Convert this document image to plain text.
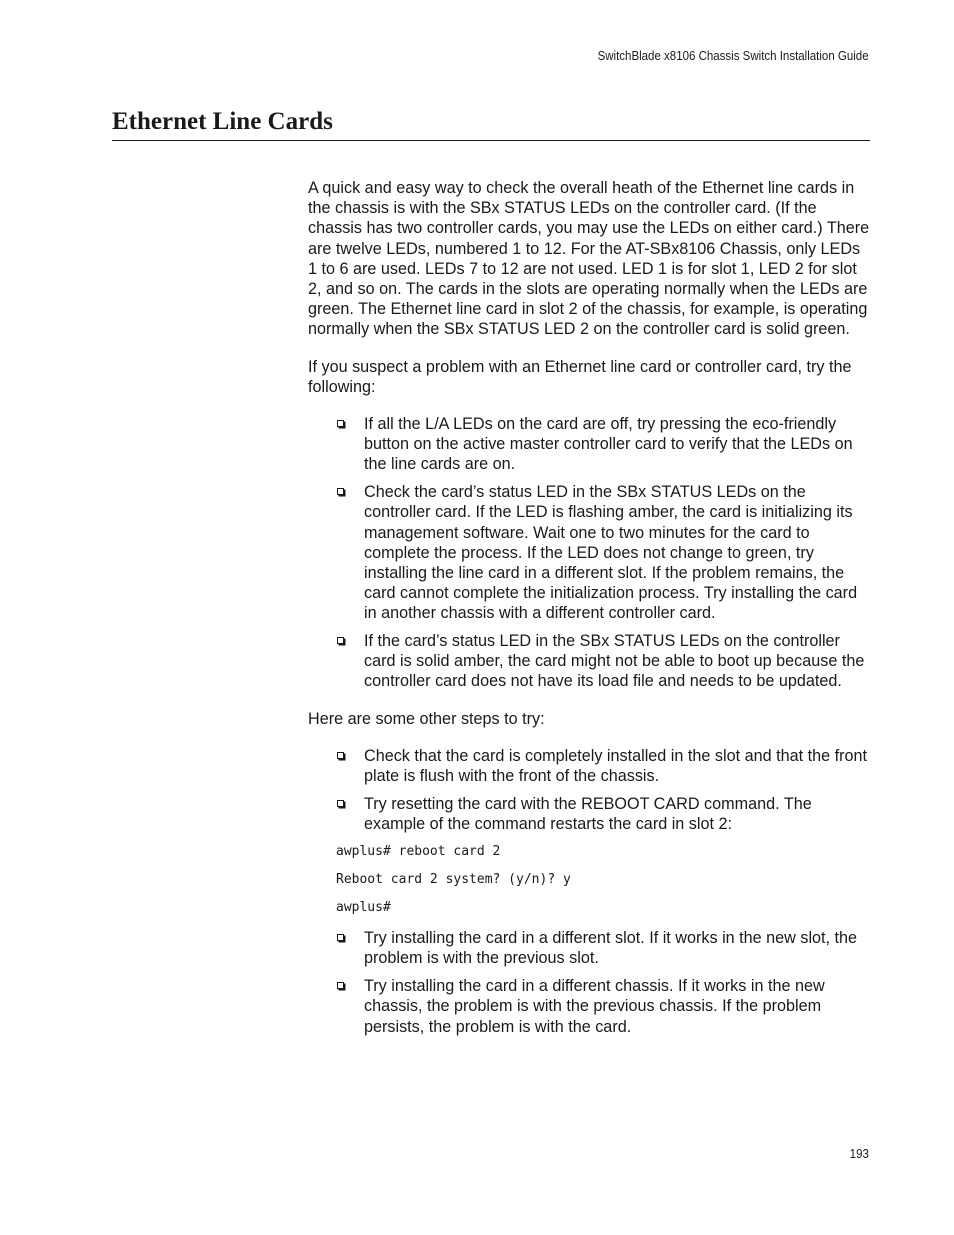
SwitchBlade x8106 Chassis Switch Installation Guide
Ethernet Line Cards

A quick and easy way to check the overall heath of the Ethernet line cards in the chassis is with the SBx STATUS LEDs on the controller card. (If the chassis has two controller cards, you may use the LEDs on either card.) There are twelve LEDs, numbered 1 to 12. For the AT-SBx8106 Chassis, only LEDs 1 to 6 are used. LEDs 7 to 12 are not used. LED 1 is for slot 1, LED 2 for slot 2, and so on. The cards in the slots are operating normally when the LEDs are green. The Ethernet line card in slot 2 of the chassis, for example, is operating normally when the SBx STATUS LED 2 on the controller card is solid green.

If you suspect a problem with an Ethernet line card or controller card, try the following:

If all the L/A LEDs on the card are off, try pressing the eco-friendly button on the active master controller card to verify that the LEDs on the line cards are on.
Check the card’s status LED in the SBx STATUS LEDs on the controller card. If the LED is flashing amber, the card is initializing its management software. Wait one to two minutes for the card to complete the process. If the LED does not change to green, try installing the line card in a different slot. If the problem remains, the card cannot complete the initialization process. Try installing the card in another chassis with a different controller card.
If the card’s status LED in the SBx STATUS LEDs on the controller card is solid amber, the card might not be able to boot up because the controller card does not have its load file and needs to be updated.

Here are some other steps to try:

Check that the card is completely installed in the slot and that the front plate is flush with the front of the chassis.
Try resetting the card with the REBOOT CARD command. The example of the command restarts the card in slot 2:
awplus# reboot card 2
Reboot card 2 system? (y/n)? y
awplus#
Try installing the card in a different slot. If it works in the new slot, the problem is with the previous slot.
Try installing the card in a different chassis. If it works in the new chassis, the problem is with the previous chassis. If the problem persists, the problem is with the card.
193
